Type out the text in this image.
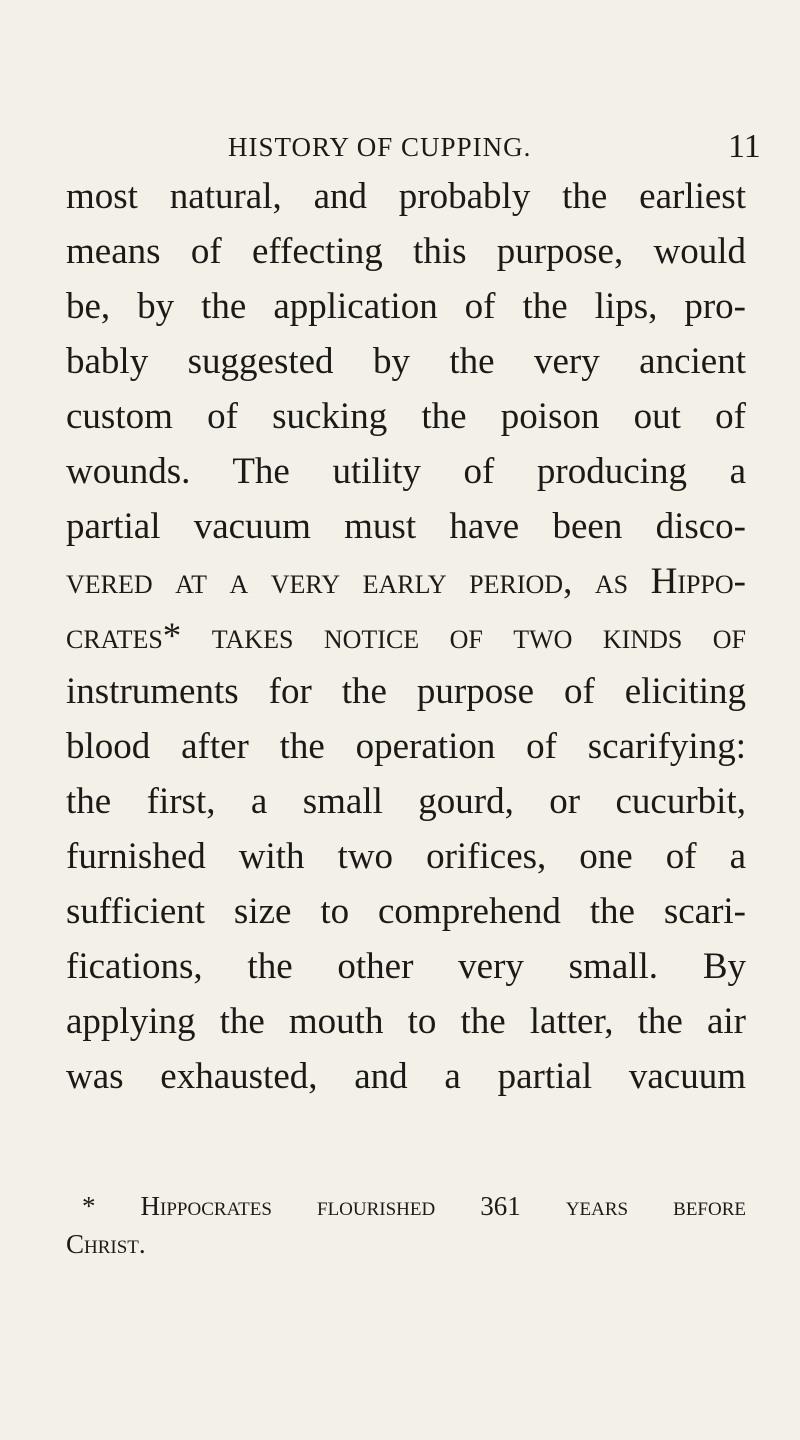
HISTORY OF CUPPING.	11
most natural, and probably the earliest
means of effecting this purpose, would
be, by the application of the lips, pro-
bably suggested by the very ancient
custom of sucking the poison out of
wounds. The utility of producing a
partial vacuum must have been disco-
vered at a very early period, as Hippo-
crates* takes notice of two kinds of
instruments for the purpose of eliciting
blood after the operation of scarifying:
the first, a small gourd, or cucurbit,
furnished with two orifices, one of a
sufficient size to comprehend the scari-
fications, the other very small. By
applying the mouth to the latter, the air
was exhausted, and a partial vacuum
* Hippocrates flourished 361 years before
Christ.
